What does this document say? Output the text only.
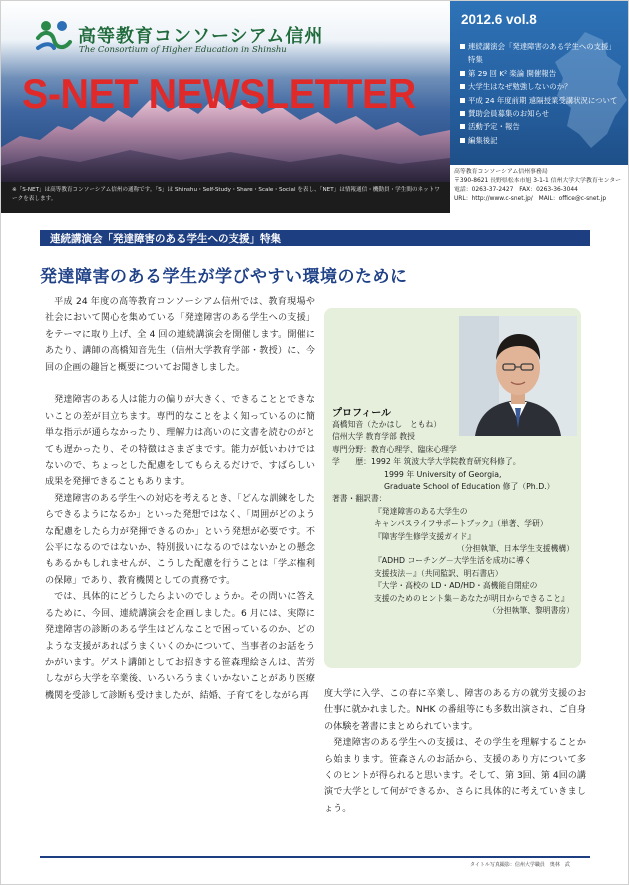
※「S-NET」は高等教育コンソーシアム信州の通称です。「S」は Shinshu・Self-Study・Share・Scale・Social を表し、「NET」は情報通信・機動員・学生間のネットワークを表します。
高等教育コンソーシアム信州
The Consortium of Higher Education in Shinshu
S-NET NEWSLETTER
2012.6 vol.8
連続講演会「発達障害のある学生への支援」
特集
第 29 回 K² 楽論 開催報告
大学生はなぜ勉強しないのか？
平成 24 年度前期 遠隔授業受講状況について
賛助会員募集のお知らせ
活動予定・報告
編集後記
高等教育コンソーシアム信州事務局
〒390-8621 長野県松本市旭 3-1-1 信州大学大学教育センター
電話：0263-37-2427　FAX：0263-36-3044
URL：http://www.c-snet.jp/　MAIL：office@c-snet.jp
連続講演会「発達障害のある学生への支援」特集
発達障害のある学生が学びやすい環境のために

平成 24 年度の高等教育コンソーシアム信州では、教育現場や社会において関心を集めている「発達障害のある学生への支援」をテーマに取り上げ、全 4 回の連続講演会を開催します。開催にあたり、講師の高橋知音先生（信州大学教育学部・教授）に、今回の企画の趣旨と概要についてお聞きしました。

発達障害のある人は能力の偏りが大きく、できることとできないことの差が目立ちます。専門的なことをよく知っているのに簡単な指示が通らなかったり、理解力は高いのに文書を読むのがとても遅かったり、その特徴はさまざまです。能力が低いわけではないので、ちょっとした配慮をしてもらえるだけで、すばらしい成果を発揮できることもあります。

発達障害のある学生への対応を考えるとき、「どんな訓練をしたらできるようになるか」といった発想ではなく、「周囲がどのような配慮をしたら力が発揮できるのか」という発想が必要です。不公平になるのではないか、特別扱いになるのではないかとの懸念もあるかもしれませんが、こうした配慮を行うことは「学ぶ権利の保障」であり、教育機関としての責務です。

では、具体的にどうしたらよいのでしょうか。その問いに答えるために、今回、連続講演会を企画しました。6 月には、実際に発達障害の診断のある学生はどんなことで困っているのか、どのような支援があればうまくいくのかについて、当事者のお話をうかがいます。ゲスト講師としてお招きする笹森理絵さんは、苦労しながら大学を卒業後、いろいろうまくいかないことがあり医療機関を受診して診断も受けましたが、結婚、子育てをしながら再

プロフィール
高橋知音（たかはし　ともね）
信州大学 教育学部 教授
専門分野：教育心理学、臨床心理学
学　　歴：1992 年 筑波大学大学院教育研究科修了。
1999 年 University of Georgia,
Graduate School of Education 修了（Ph.D.）
著書・翻訳書：
『発達障害のある大学生の
キャンパスライフサポートブック』（単著、学研）
『障害学生修学支援ガイド』
（分担執筆、日本学生支援機構）
『ADHD コーチング－大学生活を成功に導く
支援技法－』（共同監訳、明石書店）
『大学・高校の LD・AD/HD・高機能自閉症の
支援のためのヒント集－あなたが明日からできること』
（分担執筆、黎明書房）

度大学に入学、この春に卒業し、障害のある方の就労支援のお仕事に就かれました。NHK の番組等にも多数出演され、ご自身の体験を著書にまとめられています。

発達障害のある学生への支援は、その学生を理解することから始まります。笹森さんのお話から、支援のあり方について多くのヒントが得られると思います。そして、第 3回、第 4回の講演で大学として何ができるか、さらに具体的に考えていきましょう。

タイトル写真撮影：信州大学職員　奥林　武
